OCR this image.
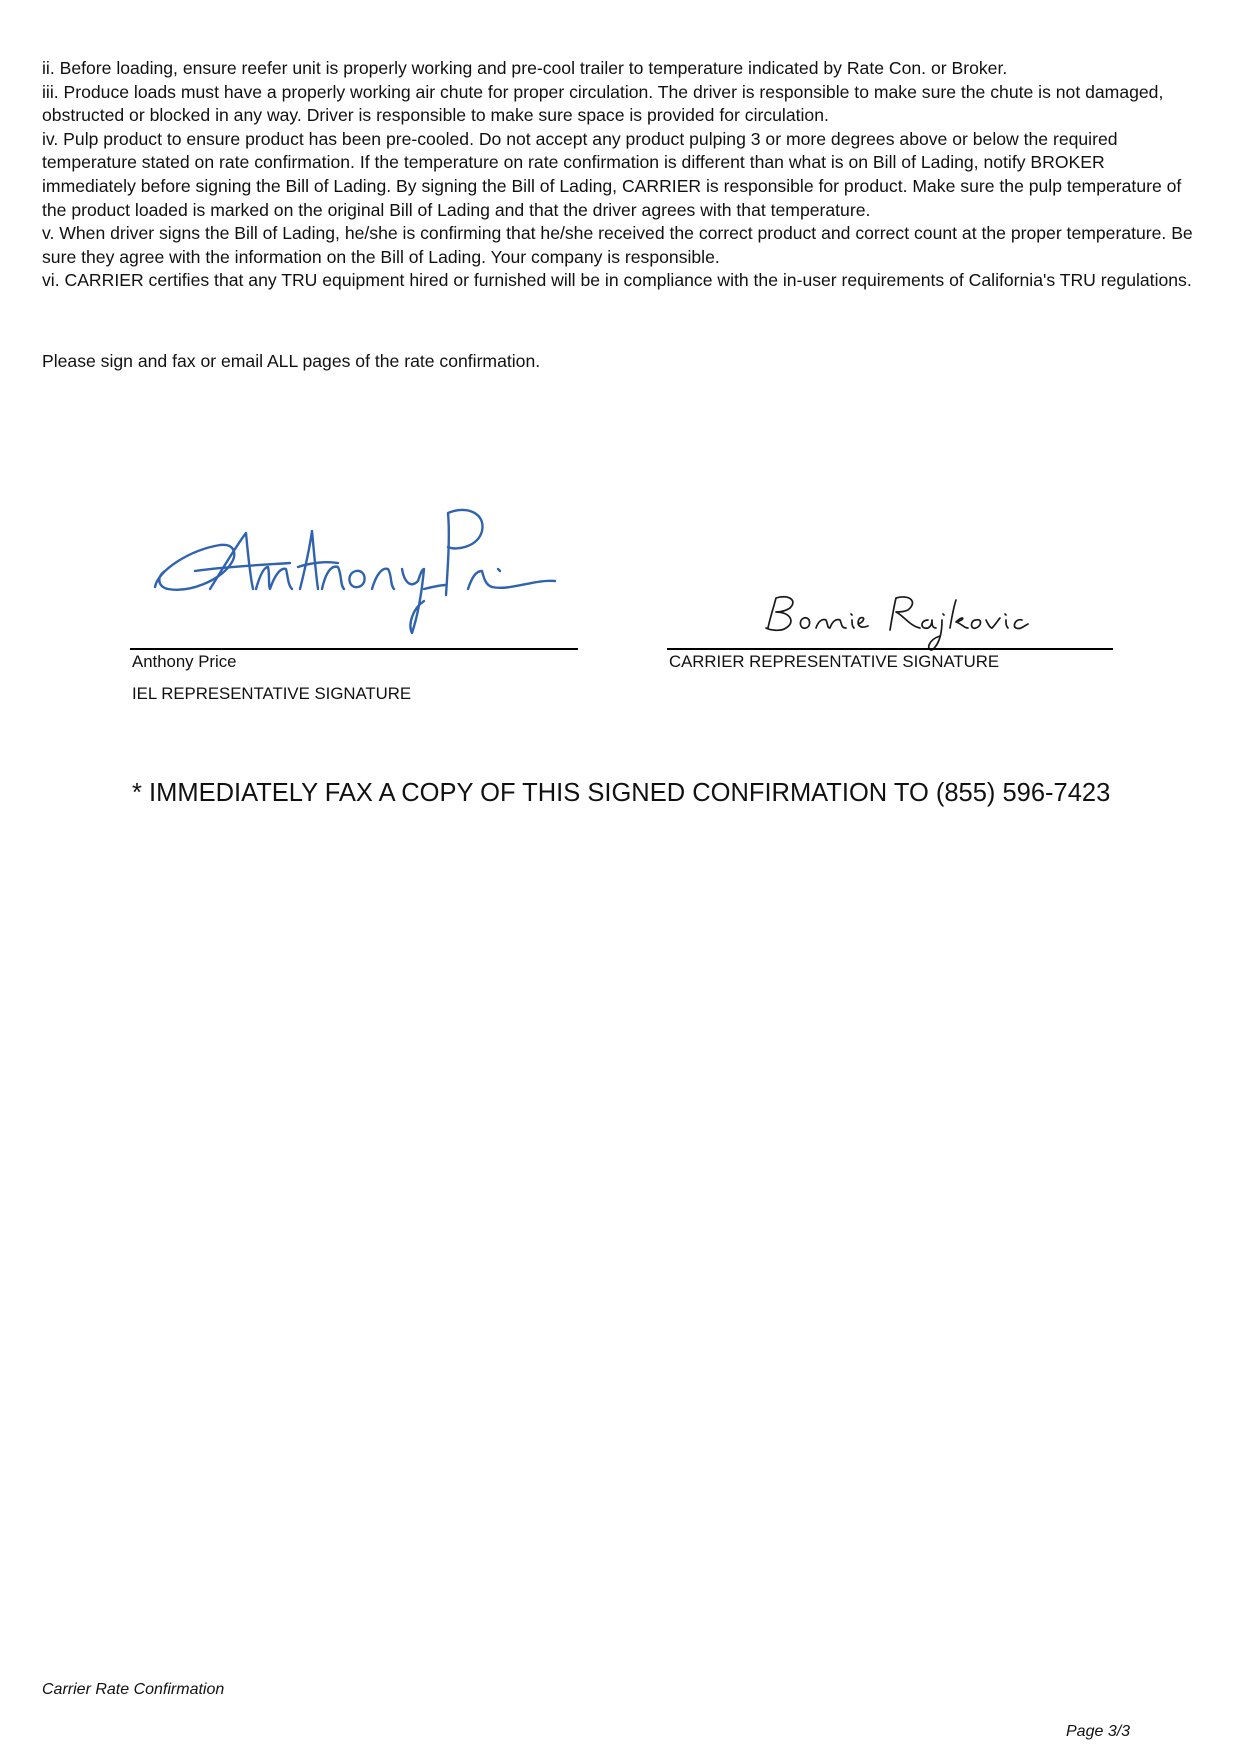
ii. Before loading, ensure reefer unit is properly working and pre-cool trailer to temperature indicated by Rate Con. or Broker.

iii. Produce loads must have a properly working air chute for proper circulation. The driver is responsible to make sure the chute is not damaged, obstructed or blocked in any way. Driver is responsible to make sure space is provided for circulation.

iv. Pulp product to ensure product has been pre-cooled. Do not accept any product pulping 3 or more degrees above or below the required temperature stated on rate confirmation. If the temperature on rate confirmation is different than what is on Bill of Lading, notify BROKER immediately before signing the Bill of Lading. By signing the Bill of Lading, CARRIER is responsible for product. Make sure the pulp temperature of the product loaded is marked on the original Bill of Lading and that the driver agrees with that temperature.

v. When driver signs the Bill of Lading, he/she is confirming that he/she received the correct product and correct count at the proper temperature. Be sure they agree with the information on the Bill of Lading. Your company is responsible.

vi. CARRIER certifies that any TRU equipment hired or furnished will be in compliance with the in-user requirements of California's TRU regulations.

Please sign and fax or email ALL pages of the rate confirmation.

Anthony Price

IEL REPRESENTATIVE SIGNATURE

CARRIER REPRESENTATIVE SIGNATURE

* IMMEDIATELY FAX A COPY OF THIS SIGNED CONFIRMATION TO (855) 596-7423

Carrier Rate Confirmation

Page 3/3
